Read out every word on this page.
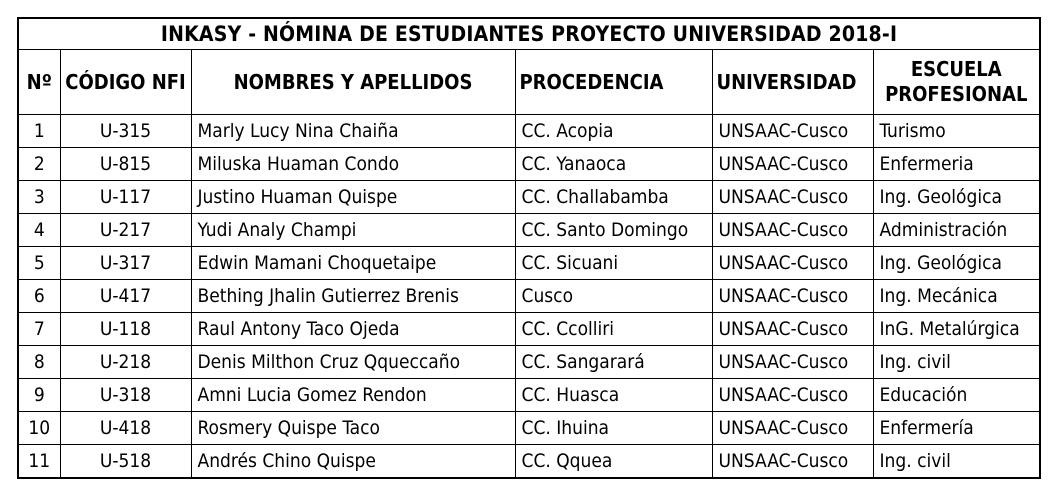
INKASY - NÓMINA DE ESTUDIANTES PROYECTO UNIVERSIDAD 2018-I					
Nº	CÓDIGO NFI	NOMBRES Y APELLIDOS	PROCEDENCIA	UNIVERSIDAD	ESCUELA PROFESIONAL
1	U-315	Marly Lucy Nina Chaiña	CC. Acopia	UNSAAC-Cusco	Turismo
2	U-815	Miluska Huaman Condo	CC. Yanaoca	UNSAAC-Cusco	Enfermeria
3	U-117	Justino Huaman Quispe	CC. Challabamba	UNSAAC-Cusco	Ing. Geológica
4	U-217	Yudi Analy Champi	CC. Santo Domingo	UNSAAC-Cusco	Administración
5	U-317	Edwin Mamani Choquetaipe	CC. Sicuani	UNSAAC-Cusco	Ing. Geológica
6	U-417	Bething Jhalin Gutierrez Brenis	Cusco	UNSAAC-Cusco	Ing. Mecánica
7	U-118	Raul Antony Taco Ojeda	CC. Ccolliri	UNSAAC-Cusco	InG. Metalúrgica
8	U-218	Denis Milthon Cruz Qqueccaño	CC. Sangarará	UNSAAC-Cusco	Ing. civil
9	U-318	Amni Lucia Gomez Rendon	CC. Huasca	UNSAAC-Cusco	Educación
10	U-418	Rosmery Quispe Taco	CC. Ihuina	UNSAAC-Cusco	Enfermería
11	U-518	Andrés Chino Quispe	CC. Qquea	UNSAAC-Cusco	Ing. civil
